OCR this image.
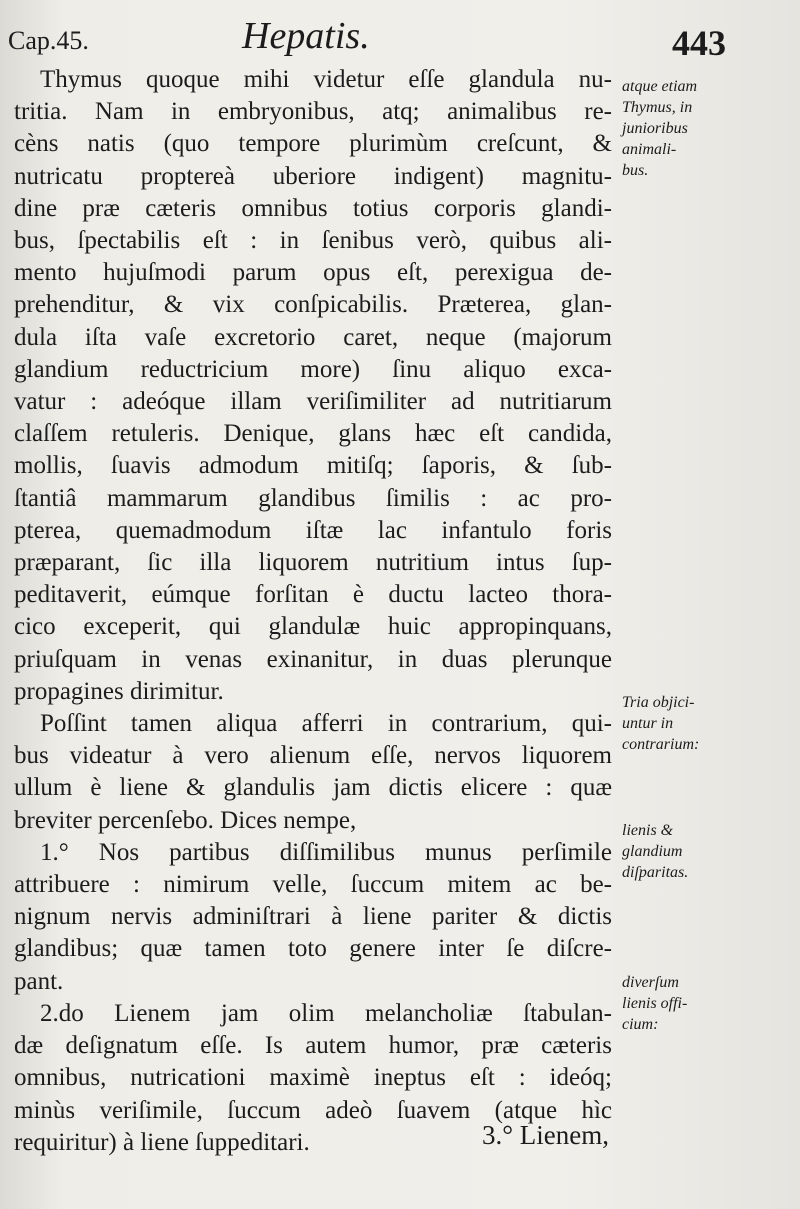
Cap.45.	Hepatis.	443
Thymus quoque mihi videtur eſſe glandula nu-
tritia. Nam in embryonibus, atq; animalibus re-
cèns natis (quo tempore plurimùm creſcunt, &
nutricatu proptereà uberiore indigent) magnitu-
dine præ cæteris omnibus totius corporis glandi-
bus, ſpectabilis eſt : in ſenibus verò, quibus ali-
mento hujuſmodi parum opus eſt, perexigua de-
prehenditur, & vix conſpicabilis. Præterea, glan-
dula iſta vaſe excretorio caret, neque (majorum
glandium reductricium more) ſinu aliquo exca-
vatur : adeóque illam veriſimiliter ad nutritiarum
claſſem retuleris. Denique, glans hæc eſt candida,
mollis, ſuavis admodum mitiſq; ſaporis, & ſub-
ſtantiâ mammarum glandibus ſimilis : ac pro-
pterea, quemadmodum iſtæ lac infantulo foris
præparant, ſic illa liquorem nutritium intus ſup-
peditaverit, eúmque forſitan è ductu lacteo thora-
cico exceperit, qui glandulæ huic appropinquans,
priuſquam in venas exinanitur, in duas plerunque
propagines dirimitur.
Poſſint tamen aliqua afferri in contrarium, qui-
bus videatur à vero alienum eſſe, nervos liquorem
ullum è liene & glandulis jam dictis elicere : quæ
breviter percenſebo. Dices nempe,
1.° Nos partibus diſſimilibus munus perſimile
attribuere : nimirum velle, ſuccum mitem ac be-
nignum nervis adminiſtrari à liene pariter & dictis
glandibus; quæ tamen toto genere inter ſe diſcre-
pant.
2.do Lienem jam olim melancholiæ ſtabulan-
dæ deſignatum eſſe. Is autem humor, præ cæteris
omnibus, nutricationi maximè ineptus eſt : ideóq;
minùs veriſimile, ſuccum adeò ſuavem (atque hìc
requiritur) à liene ſuppeditari.
atque etiam
Thymus, in
junioribus
animali-
bus.
Tria objici-
untur in
contrarium:
lienis &
glandium
diſparitas.
diverſum
lienis offi-
cium:
3.° Lienem,
